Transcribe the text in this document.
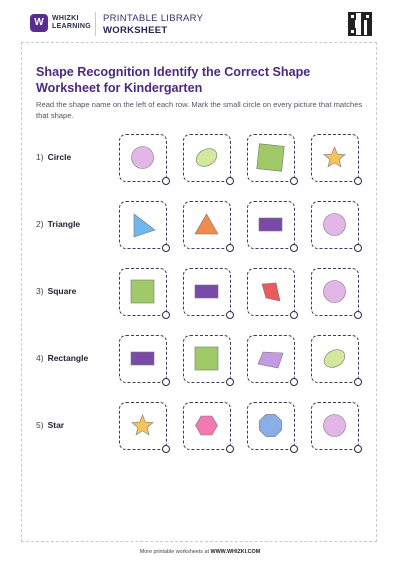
W	WHIZKI
LEARNING
PRINTABLE LIBRARY
WORKSHEET
Shape Recognition Identify the Correct Shape Worksheet for Kindergarten
Read the shape name on the left of each row. Mark the small circle on every picture that matches that shape.
1) Circle
2) Triangle
3) Square
4) Rectangle
5) Star
More printable worksheets at WWW.WHIZKI.COM
